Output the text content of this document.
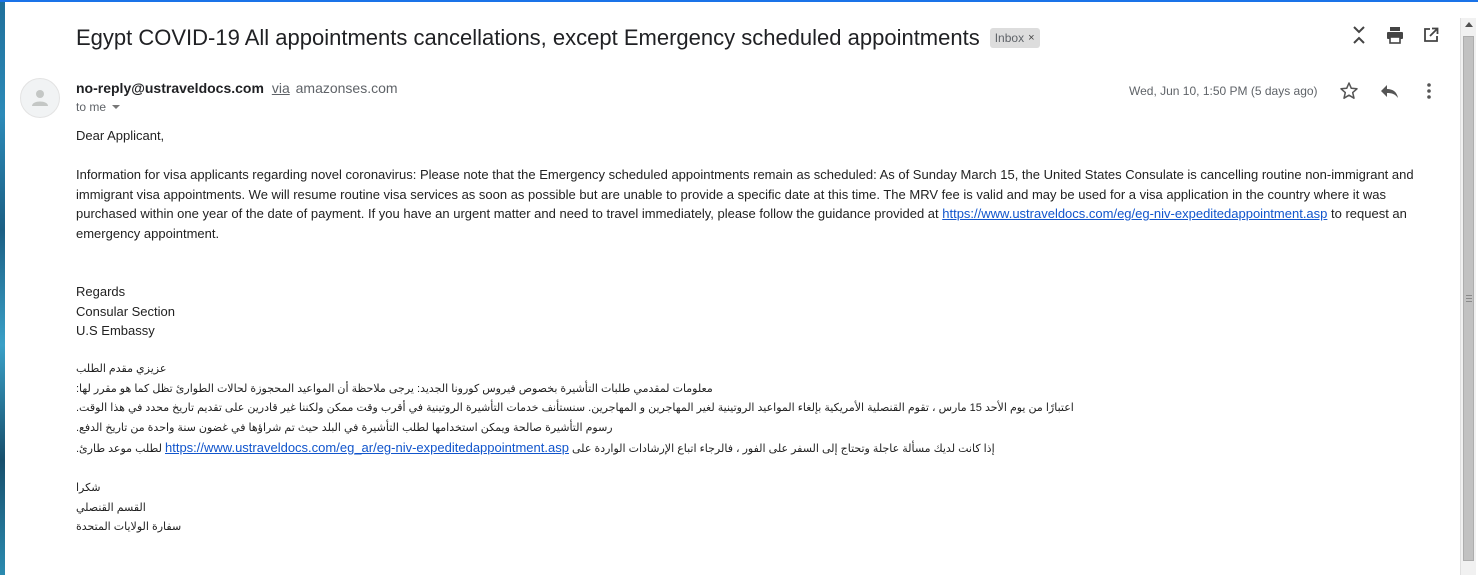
Egypt COVID-19 All appointments cancellations, except Emergency scheduled appointments Inbox ×
no-reply@ustraveldocs.com via amazonses.com
to me
Wed, Jun 10, 1:50 PM (5 days ago)

Dear Applicant,

Information for visa applicants regarding novel coronavirus: Please note that the Emergency scheduled appointments remain as scheduled: As of Sunday March 15, the United States Consulate is cancelling routine non-immigrant and immigrant visa appointments. We will resume routine visa services as soon as possible but are unable to provide a specific date at this time. The MRV fee is valid and may be used for a visa application in the country where it was purchased within one year of the date of payment. If you have an urgent matter and need to travel immediately, please follow the guidance provided at https://www.ustraveldocs.com/eg/eg-niv-expeditedappointment.asp to request an emergency appointment.

Regards

Consular Section

U.S Embassy

عزيزي مقدم الطلب

معلومات لمقدمي طلبات التأشيرة بخصوص فيروس كورونا الجديد: يرجى ملاحظة أن المواعيد المحجوزة لحالات الطوارئ تظل كما هو مقرر لها:

اعتبارًا من يوم الأحد 15 مارس ، تقوم القنصلية الأمريكية بإلغاء المواعيد الروتينية لغير المهاجرين و المهاجرين. سنستأنف خدمات التأشيرة الروتينية في أقرب وقت ممكن ولكننا غير قادرين على تقديم تاريخ محدد في هذا الوقت.

رسوم التأشيرة صالحة ويمكن استخدامها لطلب التأشيرة في البلد حيث تم شراؤها في غضون سنة واحدة من تاريخ الدفع.

إذا كانت لديك مسألة عاجلة وتحتاج إلى السفر على الفور ، فالرجاء اتباع الإرشادات الواردة على https://www.ustraveldocs.com/eg_ar/eg-niv-expeditedappointment.asp لطلب موعد طارئ.

شكرا

القسم القنصلي

سفارة الولايات المتحدة
